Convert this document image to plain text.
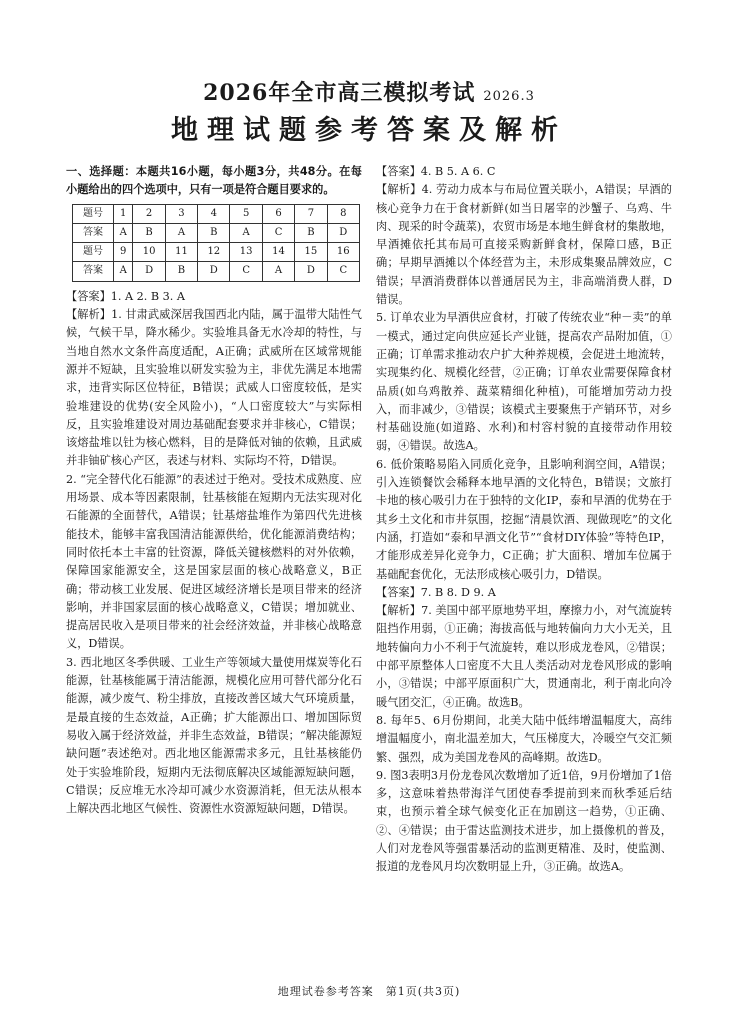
2026年全市高三模拟考试 2026.3
地理试题参考答案及解析

一、选择题：本题共16小题，每小题3分，共48分。在每小题给出的四个选项中，只有一项是符合题目要求的。

题号	1	2	3	4	5	6	7	8
答案	A	B	A	B	A	C	B	D
题号	9	10	11	12	13	14	15	16
答案	A	D	B	D	C	A	D	C

【答案】1. A 2. B 3. A

【解析】1. 甘肃武威深居我国西北内陆，属于温带大陆性气候，气候干旱，降水稀少。实验堆具备无水冷却的特性，与当地自然水文条件高度适配，A正确；武威所在区域常规能源并不短缺，且实验堆以研发实验为主，非优先满足本地需求，违背实际区位特征，B错误；武威人口密度较低，是实验堆建设的优势(安全风险小)，“人口密度较大”与实际相反，且实验堆建设对周边基础配套要求并非核心，C错误；该熔盐堆以钍为核心燃料，目的是降低对铀的依赖，且武威并非铀矿核心产区，表述与材料、实际均不符，D错误。

2. “完全替代化石能源”的表述过于绝对。受技术成熟度、应用场景、成本等因素限制，钍基核能在短期内无法实现对化石能源的全面替代，A错误；钍基熔盐堆作为第四代先进核能技术，能够丰富我国清洁能源供给，优化能源消费结构；同时依托本土丰富的钍资源，降低关键核燃料的对外依赖，保障国家能源安全，这是国家层面的核心战略意义，B正确；带动核工业发展、促进区域经济增长是项目带来的经济影响，并非国家层面的核心战略意义，C错误；增加就业、提高居民收入是项目带来的社会经济效益，并非核心战略意义，D错误。

3. 西北地区冬季供暖、工业生产等领域大量使用煤炭等化石能源，钍基核能属于清洁能源，规模化应用可替代部分化石能源，减少废气、粉尘排放，直接改善区域大气环境质量，是最直接的生态效益，A正确；扩大能源出口、增加国际贸易收入属于经济效益，并非生态效益，B错误；“解决能源短缺问题”表述绝对。西北地区能源需求多元，且钍基核能仍处于实验堆阶段，短期内无法彻底解决区域能源短缺问题，C错误；反应堆无水冷却可减少水资源消耗，但无法从根本上解决西北地区气候性、资源性水资源短缺问题，D错误。

【答案】4. B 5. A 6. C

【解析】4. 劳动力成本与布局位置关联小，A错误；早酒的核心竞争力在于食材新鲜(如当日屠宰的沙蟹子、乌鸡、牛肉、现采的时令蔬菜)，农贸市场是本地生鲜食材的集散地，早酒摊依托其布局可直接采购新鲜食材，保障口感，B正确；早期早酒摊以个体经营为主，未形成集聚品牌效应，C错误；早酒消费群体以普通居民为主，非高端消费人群，D错误。

5. 订单农业为早酒供应食材，打破了传统农业“种－卖”的单一模式，通过定向供应延长产业链，提高农产品附加值，①正确；订单需求推动农户扩大种养规模，会促进土地流转，实现集约化、规模化经营，②正确；订单农业需要保障食材品质(如乌鸡散养、蔬菜精细化种植)，可能增加劳动力投入，而非减少，③错误；该模式主要聚焦于产销环节，对乡村基础设施(如道路、水利)和村容村貌的直接带动作用较弱，④错误。故选A。

6. 低价策略易陷入同质化竞争，且影响利润空间，A错误；引入连锁餐饮会稀释本地早酒的文化特色，B错误；文旅打卡地的核心吸引力在于独特的文化IP，泰和早酒的优势在于其乡土文化和市井氛围，挖掘“清晨饮酒、现做现吃”的文化内涵，打造如“泰和早酒文化节”“食材DIY体验”等特色IP，才能形成差异化竞争力，C正确；扩大面积、增加车位属于基础配套优化，无法形成核心吸引力，D错误。

【答案】7. B 8. D 9. A

【解析】7. 美国中部平原地势平坦，摩擦力小，对气流旋转阻挡作用弱，①正确；海拔高低与地转偏向力大小无关，且地转偏向力小不利于气流旋转，难以形成龙卷风，②错误；中部平原整体人口密度不大且人类活动对龙卷风形成的影响小，③错误；中部平原面积广大，贯通南北，利于南北向冷暖气团交汇，④正确。故选B。

8. 每年5、6月份期间，北美大陆中低纬增温幅度大，高纬增温幅度小，南北温差加大，气压梯度大，冷暖空气交汇频繁、强烈，成为美国龙卷风的高峰期。故选D。

9. 图3表明3月份龙卷风次数增加了近1倍，9月份增加了1倍多，这意味着热带海洋气团使春季提前到来而秋季延后结束，也预示着全球气候变化正在加剧这一趋势，①正确、②、④错误；由于雷达监测技术进步，加上摄像机的普及，人们对龙卷风等强雷暴活动的监测更精准、及时，使监测、报道的龙卷风月均次数明显上升，③正确。故选A。

地理试卷参考答案　第1页(共3页)
